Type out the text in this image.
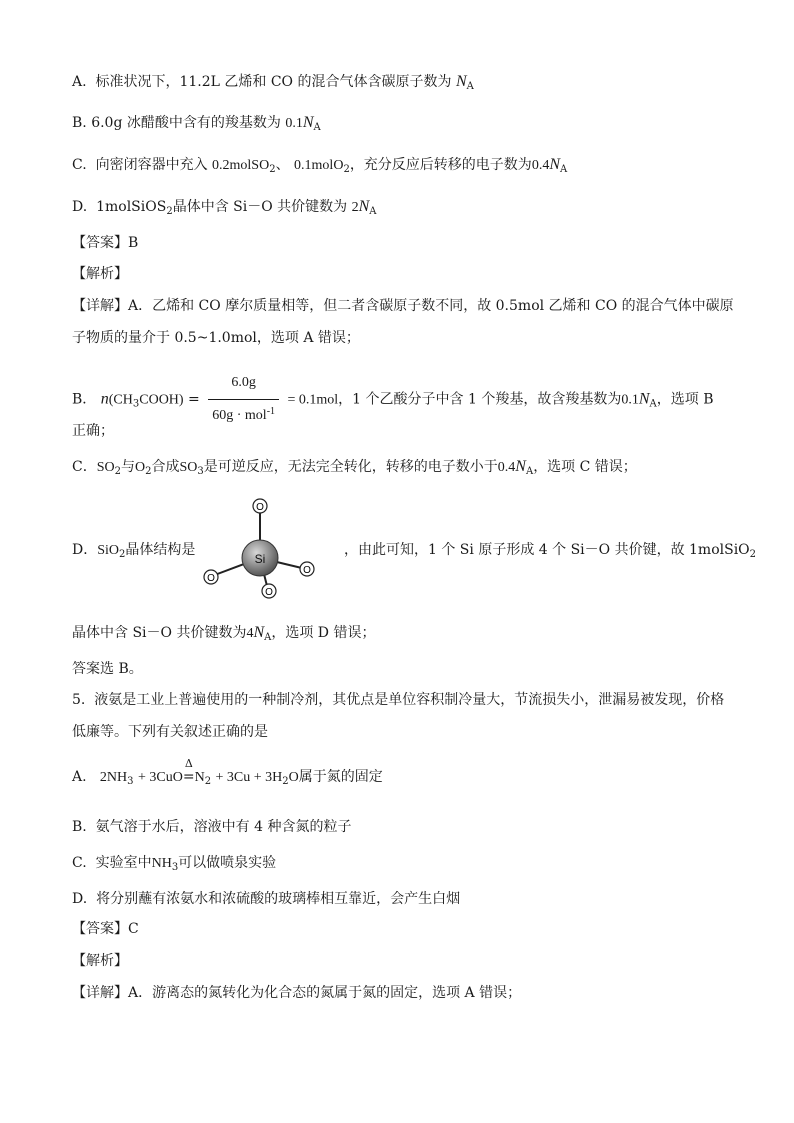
A. 标准状况下，11.2L 乙烯和 CO 的混合气体含碳原子数为 $N_A$
B. 6.0g 冰醋酸中含有的羧基数为 $0.1N_A$
C. 向密闭容器中充入 0.2molSO$_2$、 0.1molO$_2$，充分反应后转移的电子数为$0.4N_A$
D. 1molSiOS$_2$晶体中含 Si－O 共价键数为 $2N_A$
【答案】B
【解析】
【详解】A．乙烯和 CO 摩尔质量相等，但二者含碳原子数不同，故 0.5mol 乙烯和 CO 的混合气体中碳原
子物质的量介于 0.5~1.0mol，选项 A 错误；
B． $n(CH_3COOH) = \frac{6.0g}{60g \cdot mol^{-1}} = 0.1mol$，1 个乙酸分子中含 1 个羧基，故含羧基数为$0.1N_A$，选项 B
正确；
C．$SO_2$与$O_2$合成$SO_3$是可逆反应，无法完全转化，转移的电子数小于$0.4N_A$，选项 C 错误；
D．SiO$_2$晶体结构是
Si
O
O
O
O
，由此可知，1 个 Si 原子形成 4 个 Si－O 共价键，故 1molSiO$_2$
晶体中含 Si－O 共价键数为$4N_A$，选项 D 错误；
答案选 B。
5. 液氨是工业上普遍使用的一种制冷剂，其优点是单位容积制冷量大，节流损失小，泄漏易被发现，价格
低廉等。下列有关叙述正确的是
A. $2NH_3 + 3CuO$
Δ
$=N_2 + 3Cu + 3H_2O$属于氮的固定
B. 氨气溶于水后，溶液中有 4 种含氮的粒子
C. 实验室中$NH_3$可以做喷泉实验
D. 将分别蘸有浓氨水和浓硫酸的玻璃棒相互靠近，会产生白烟
【答案】C
【解析】
【详解】A．游离态的氮转化为化合态的氮属于氮的固定，选项 A 错误；
